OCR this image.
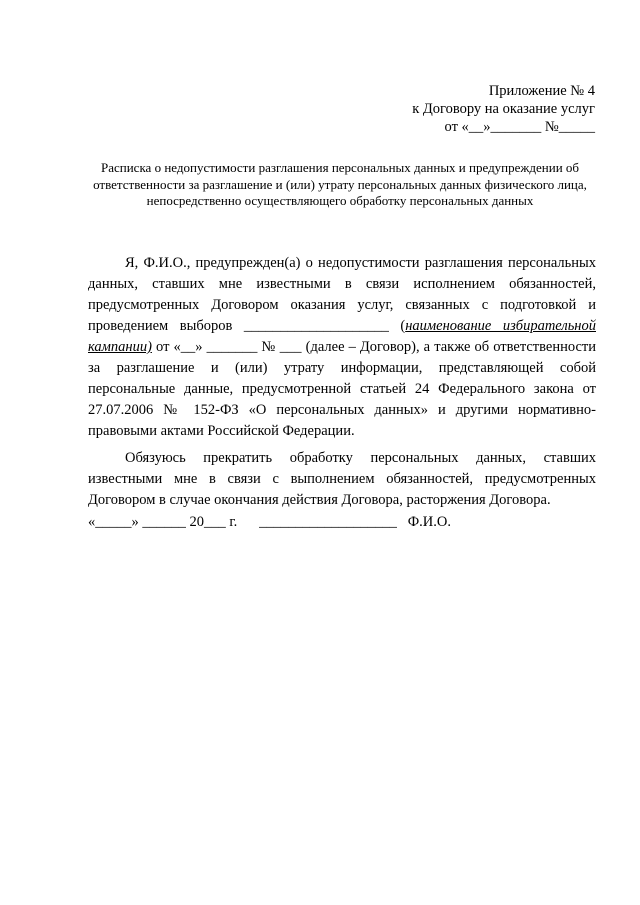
Приложение № 4
к Договору на оказание услуг
от «__»_______ №_____
Расписка о недопустимости разглашения персональных данных и предупреждении об ответственности за разглашение и (или) утрату персональных данных физического лица, непосредственно осуществляющего обработку персональных данных

Я, Ф.И.О., предупрежден(а) о недопустимости разглашения персональных данных, ставших мне известными в связи исполнением обязанностей, предусмотренных Договором оказания услуг, связанных с подготовкой и проведением выборов ____________________ (наименование избирательной кампании) от «__» _______ № ___ (далее – Договор), а также об ответственности за разглашение и (или) утрату информации, представляющей собой персональные данные, предусмотренной статьей 24 Федерального закона от 27.07.2006 № 152-ФЗ «О персональных данных» и другими нормативно-правовыми актами Российской Федерации.

Обязуюсь прекратить обработку персональных данных, ставших известными мне в связи с выполнением обязанностей, предусмотренных Договором в случае окончания действия Договора, расторжения Договора.

«_____» ______ 20___ г. ___________________ Ф.И.О.
